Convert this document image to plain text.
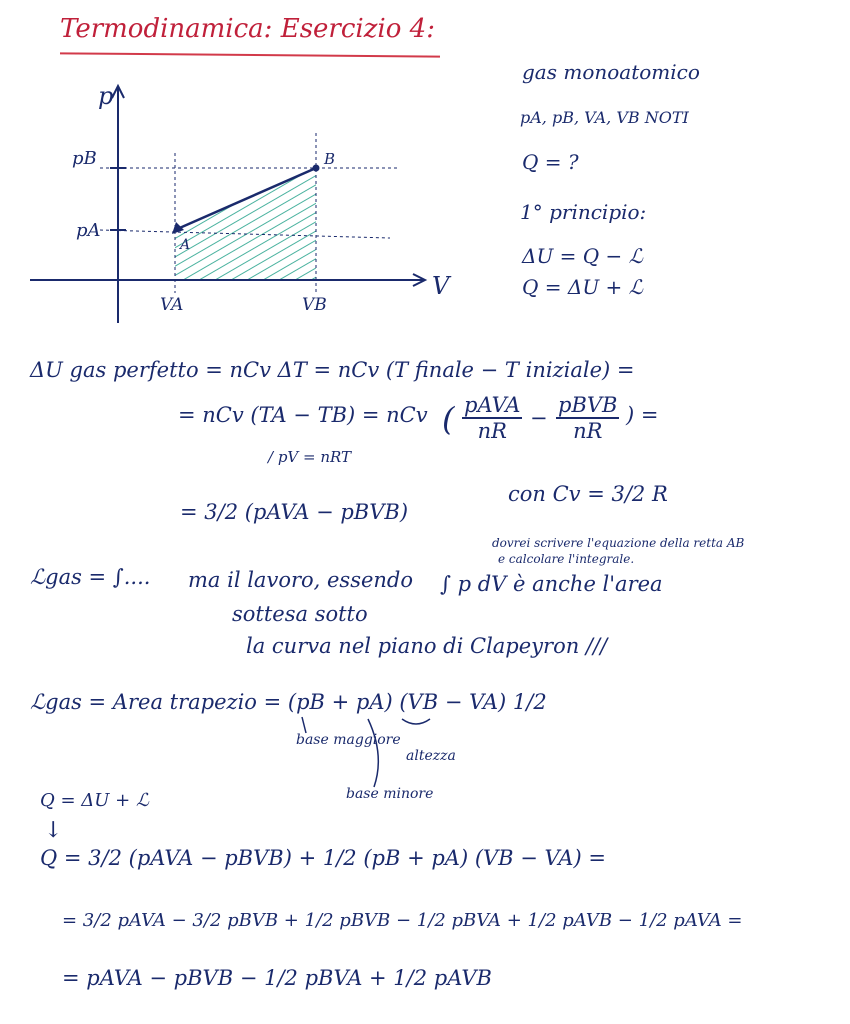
Termodinamica: Esercizio 4:
p
V
pB
pA
VA	VB
A
B
gas monoatomico
pA, pB, VA, VB NOTI
Q = ?
1° principio:
ΔU = Q − ℒ
Q = ΔU + ℒ
ΔU gas perfetto = nCv ΔT = nCv (T finale − T iniziale) =
= nCv (TA − TB) = nCv ( pAVA
nR
−
pBVB
nR
) =
/ pV = nRT
con Cv = 3/2 R
= 3/2 (pAVA − pBVB)
ℒgas = ∫.... ma il lavoro, essendo
sottesa sotto
la curva nel piano di Clapeyron ///
∫ p dV è anche l'area
dovrei scrivere l'equazione della retta AB
e calcolare l'integrale.
ℒgas = Area trapezio = (pB + pA) (VB − VA) 1/2
base maggiore
altezza
base minore
Q = ΔU + ℒ
↓
Q = 3/2 (pAVA − pBVB) + 1/2 (pB + pA) (VB − VA) =
= 3/2 pAVA − 3/2 pBVB + 1/2 pBVB − 1/2 pBVA + 1/2 pAVB − 1/2 pAVA =
= pAVA − pBVB − 1/2 pBVA + 1/2 pAVB
